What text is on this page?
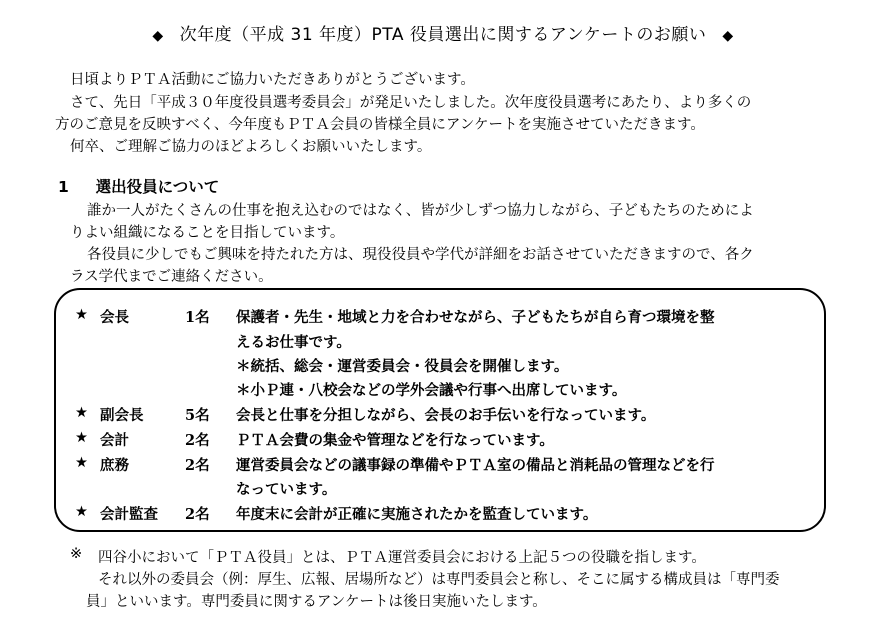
◆ 次年度（平成 31 年度）PTA 役員選出に関するアンケートのお願い ◆
日頃よりＰＴＡ活動にご協力いただきありがとうございます。
さて、先日「平成３０年度役員選考委員会」が発足いたしました。次年度役員選考にあたり、より多くの
方のご意見を反映すべく、今年度もＰＴＡ会員の皆様全員にアンケートを実施させていただきます。
何卒、ご理解ご協力のほどよろしくお願いいたします。
1 選出役員について
誰か一人がたくさんの仕事を抱え込むのではなく、皆が少しずつ協力しながら、子どもたちのためによ
りよい組織になることを目指しています。
各役員に少しでもご興味を持たれた方は、現役役員や学代が詳細をお話させていただきますので、各ク
ラス学代までご連絡ください。
★ 会長	1名 保護者・先生・地域と力を合わせながら、子どもたちが自ら育つ環境を整
えるお仕事です。
＊統括、総会・運営委員会・役員会を開催します。
＊小Ｐ連・八校会などの学外会議や行事へ出席しています。
★ 副会長	5名 会長と仕事を分担しながら、会長のお手伝いを行なっています。
★ 会計	2名 ＰＴＡ会費の集金や管理などを行なっています。
★ 庶務	2名 運営委員会などの議事録の準備やＰＴＡ室の備品と消耗品の管理などを行
なっています。
★ 会計監査 2名 年度末に会計が正確に実施されたかを監査しています。
※ 四谷小において「ＰＴＡ役員」とは、ＰＴＡ運営委員会における上記５つの役職を指します。
それ以外の委員会（例：厚生、広報、居場所など）は専門委員会と称し、そこに属する構成員は「専門委
員」といいます。専門委員に関するアンケートは後日実施いたします。
